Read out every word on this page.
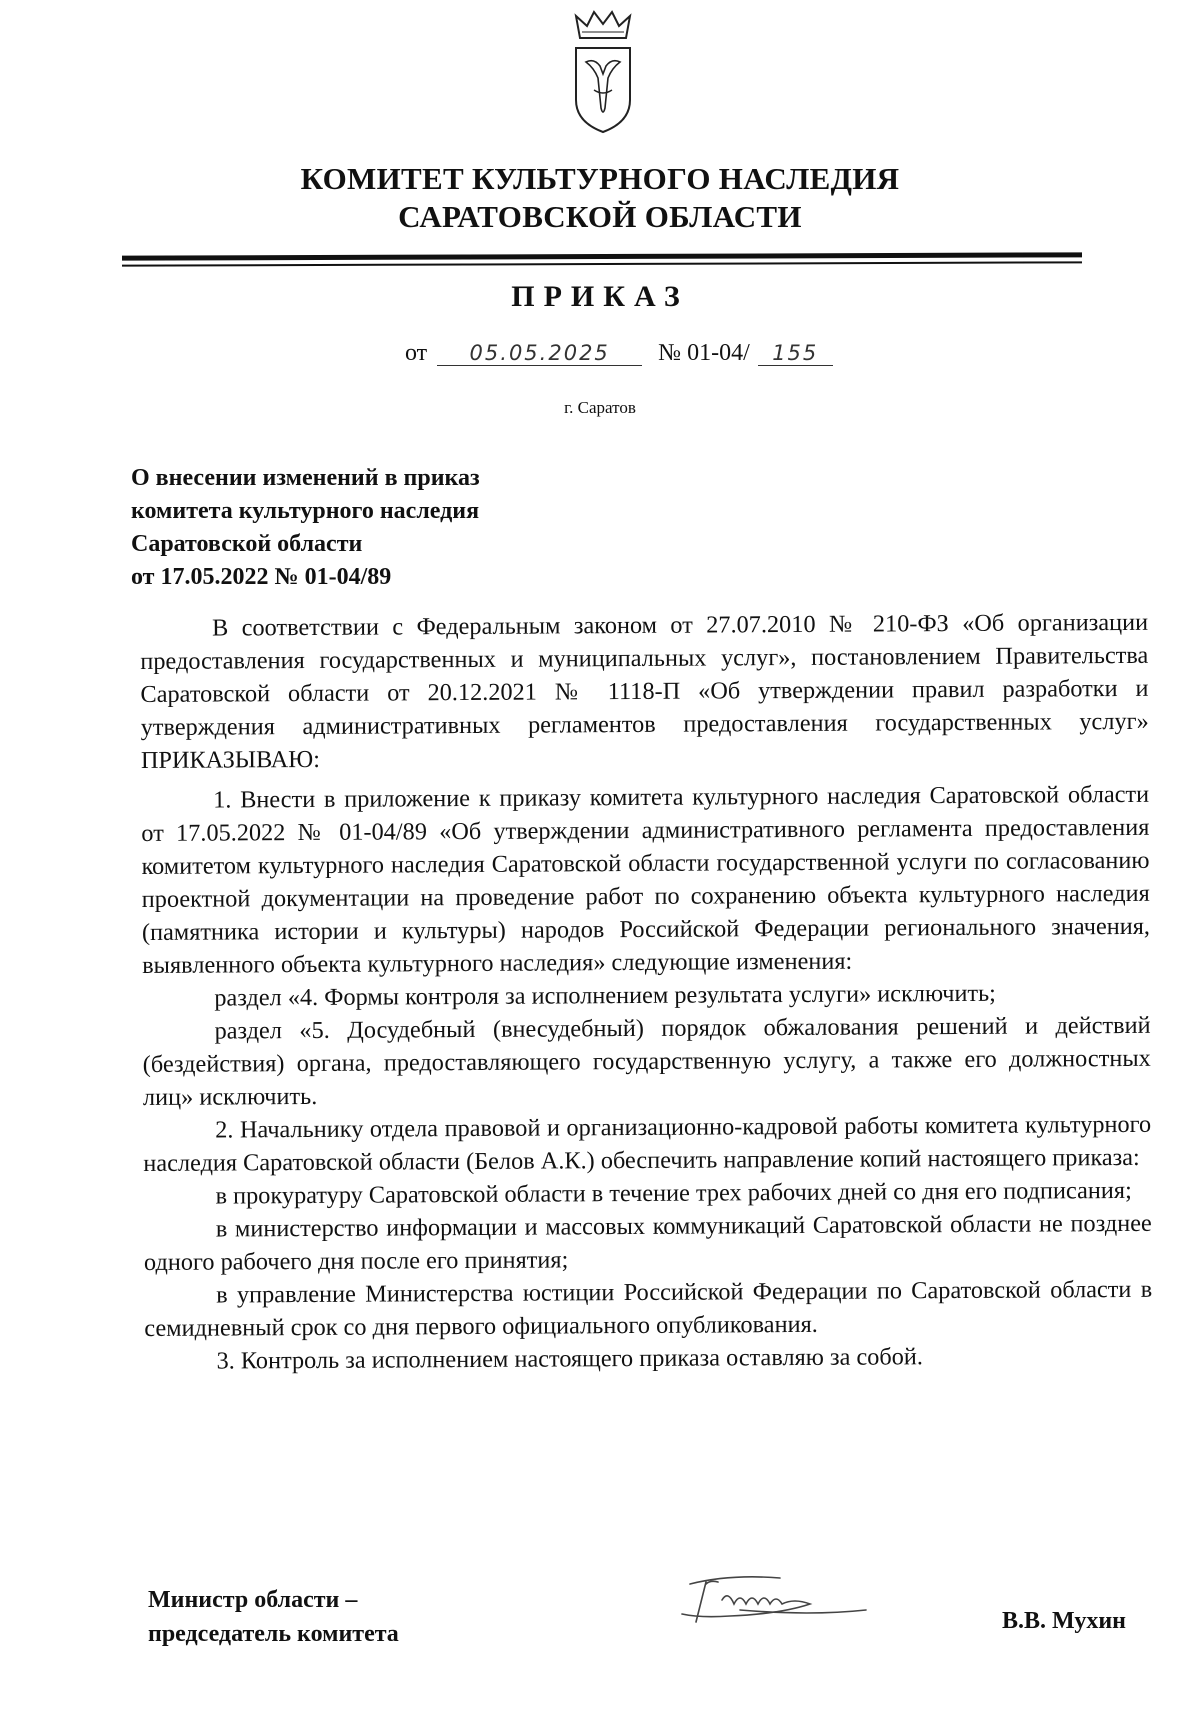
КОМИТЕТ КУЛЬТУРНОГО НАСЛЕДИЯ
САРАТОВСКОЙ ОБЛАСТИ
ПРИКАЗ
от 05.05.2025 № 01-04/ 155
г. Саратов
О внесении изменений в приказ
комитета культурного наследия
Саратовской области
от 17.05.2022 № 01-04/89

В соответствии с Федеральным законом от 27.07.2010 № 210-ФЗ «Об организации предоставления государственных и муниципальных услуг», постановлением Правительства Саратовской области от 20.12.2021 № 1118-П «Об утверждении правил разработки и утверждения административных регламентов предоставления государственных услуг» ПРИКАЗЫВАЮ:

1. Внести в приложение к приказу комитета культурного наследия Саратовской области от 17.05.2022 № 01-04/89 «Об утверждении административного регламента предоставления комитетом культурного наследия Саратовской области государственной услуги по согласованию проектной документации на проведение работ по сохранению объекта культурного наследия (памятника истории и культуры) народов Российской Федерации регионального значения, выявленного объекта культурного наследия» следующие изменения:

раздел «4. Формы контроля за исполнением результата услуги» исключить;

раздел «5. Досудебный (внесудебный) порядок обжалования решений и действий (бездействия) органа, предоставляющего государственную услугу, а также его должностных лиц» исключить.

2. Начальнику отдела правовой и организационно-кадровой работы комитета культурного наследия Саратовской области (Белов А.К.) обеспечить направление копий настоящего приказа:

в прокуратуру Саратовской области в течение трех рабочих дней со дня его подписания;

в министерство информации и массовых коммуникаций Саратовской области не позднее одного рабочего дня после его принятия;

в управление Министерства юстиции Российской Федерации по Саратовской области в семидневный срок со дня первого официального опубликования.

3. Контроль за исполнением настоящего приказа оставляю за собой.

Министр области –
председатель комитета	В.В. Мухин
